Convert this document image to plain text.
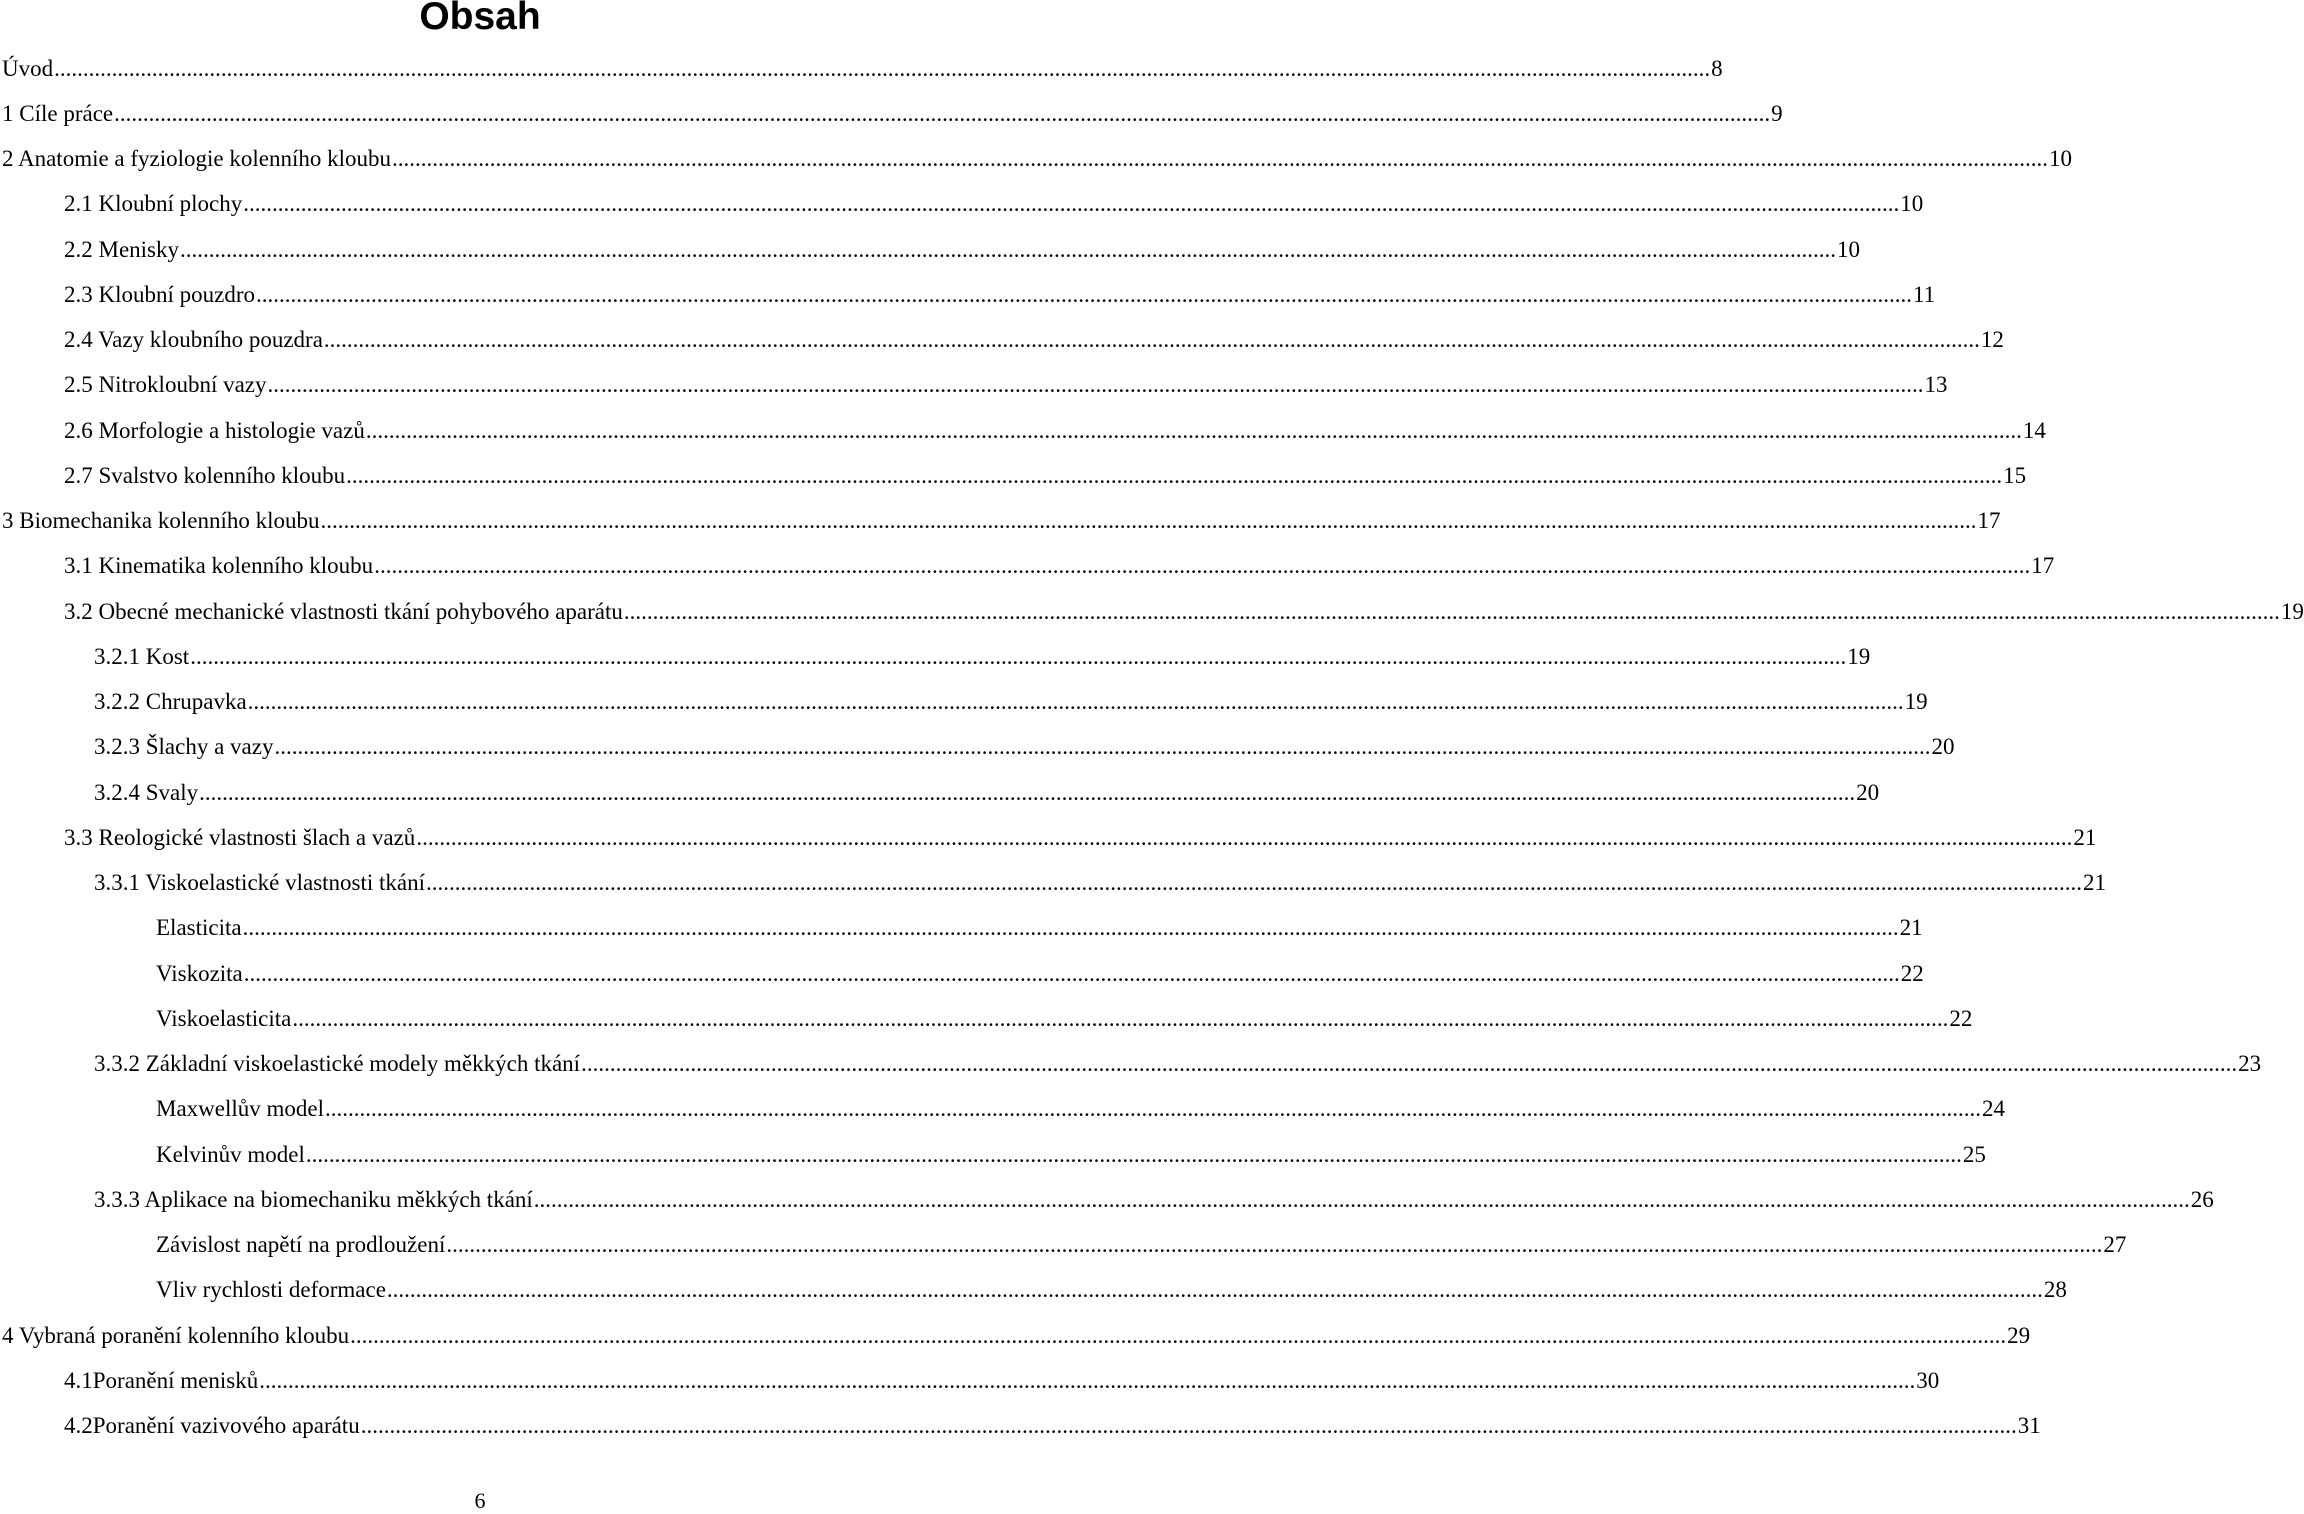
Obsah
Úvod .....	8
1 Cíle práce .....	9
2 Anatomie a fyziologie kolenního kloubu .....	10
2.1 Kloubní plochy .....	10
2.2 Menisky .....	10
2.3 Kloubní pouzdro .....	11
2.4 Vazy kloubního pouzdra .....	12
2.5 Nitrokloubní vazy .....	13
2.6 Morfologie a histologie vazů .....	14
2.7 Svalstvo kolenního kloubu .....	15
3 Biomechanika kolenního kloubu .....	17
3.1 Kinematika kolenního kloubu .....	17
3.2 Obecné mechanické vlastnosti tkání pohybového aparátu .....	19
3.2.1 Kost .....	19
3.2.2 Chrupavka .....	19
3.2.3 Šlachy a vazy .....	20
3.2.4 Svaly .....	20
3.3 Reologické vlastnosti šlach a vazů .....	21
3.3.1 Viskoelastické vlastnosti tkání .....	21
Elasticita .....	21
Viskozita .....	22
Viskoelasticita .....	22
3.3.2 Základní viskoelastické modely měkkých tkání .....	23
Maxwellův model .....	24
Kelvinův model .....	25
3.3.3 Aplikace na biomechaniku měkkých tkání .....	26
Závislost napětí na prodloužení .....	27
Vliv rychlosti deformace .....	28
4 Vybraná poranění kolenního kloubu .....	29
4.1Poranění menisků .....	30
4.2Poranění vazivového aparátu .....	31
6
